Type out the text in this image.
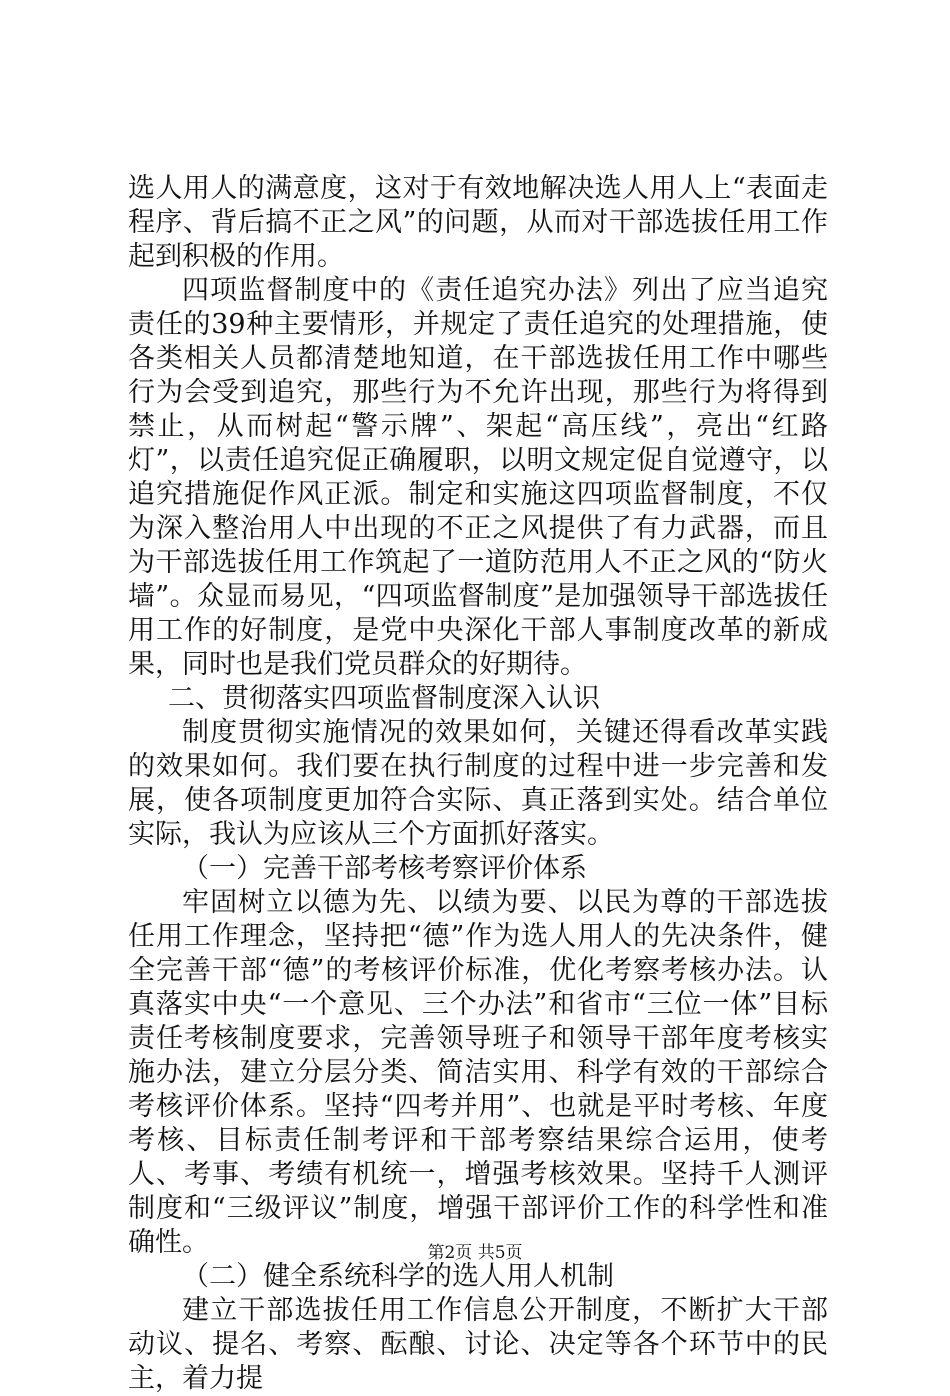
选人用人的满意度，这对于有效地解决选人用人上“表面走程序、背后搞不正之风”的问题，从而对干部选拔任用工作起到积极的作用。

四项监督制度中的《责任追究办法》列出了应当追究责任的39种主要情形，并规定了责任追究的处理措施，使各类相关人员都清楚地知道，在干部选拔任用工作中哪些行为会受到追究，那些行为不允许出现，那些行为将得到禁止，从而树起“警示牌”、架起“高压线”，亮出“红路灯”，以责任追究促正确履职，以明文规定促自觉遵守，以追究措施促作风正派。制定和实施这四项监督制度，不仅为深入整治用人中出现的不正之风提供了有力武器，而且为干部选拔任用工作筑起了一道防范用人不正之风的“防火墙”。众显而易见，“四项监督制度”是加强领导干部选拔任用工作的好制度，是党中央深化干部人事制度改革的新成果，同时也是我们党员群众的好期待。

二、贯彻落实四项监督制度深入认识

制度贯彻实施情况的效果如何，关键还得看改革实践的效果如何。我们要在执行制度的过程中进一步完善和发展，使各项制度更加符合实际、真正落到实处。结合单位实际，我认为应该从三个方面抓好落实。

（一）完善干部考核考察评价体系

牢固树立以德为先、以绩为要、以民为尊的干部选拔任用工作理念，坚持把“德”作为选人用人的先决条件，健全完善干部“德”的考核评价标准，优化考察考核办法。认真落实中央“一个意见、三个办法”和省市“三位一体”目标责任考核制度要求，完善领导班子和领导干部年度考核实施办法，建立分层分类、简洁实用、科学有效的干部综合考核评价体系。坚持“四考并用”、也就是平时考核、年度考核、目标责任制考评和干部考察结果综合运用，使考人、考事、考绩有机统一，增强考核效果。坚持千人测评制度和“三级评议”制度，增强干部评价工作的科学性和准确性。

（二）健全系统科学的选人用人机制

建立干部选拔任用工作信息公开制度，不断扩大干部动议、提名、考察、酝酿、讨论、决定等各个环节中的民主，着力提

第2页 共5页
